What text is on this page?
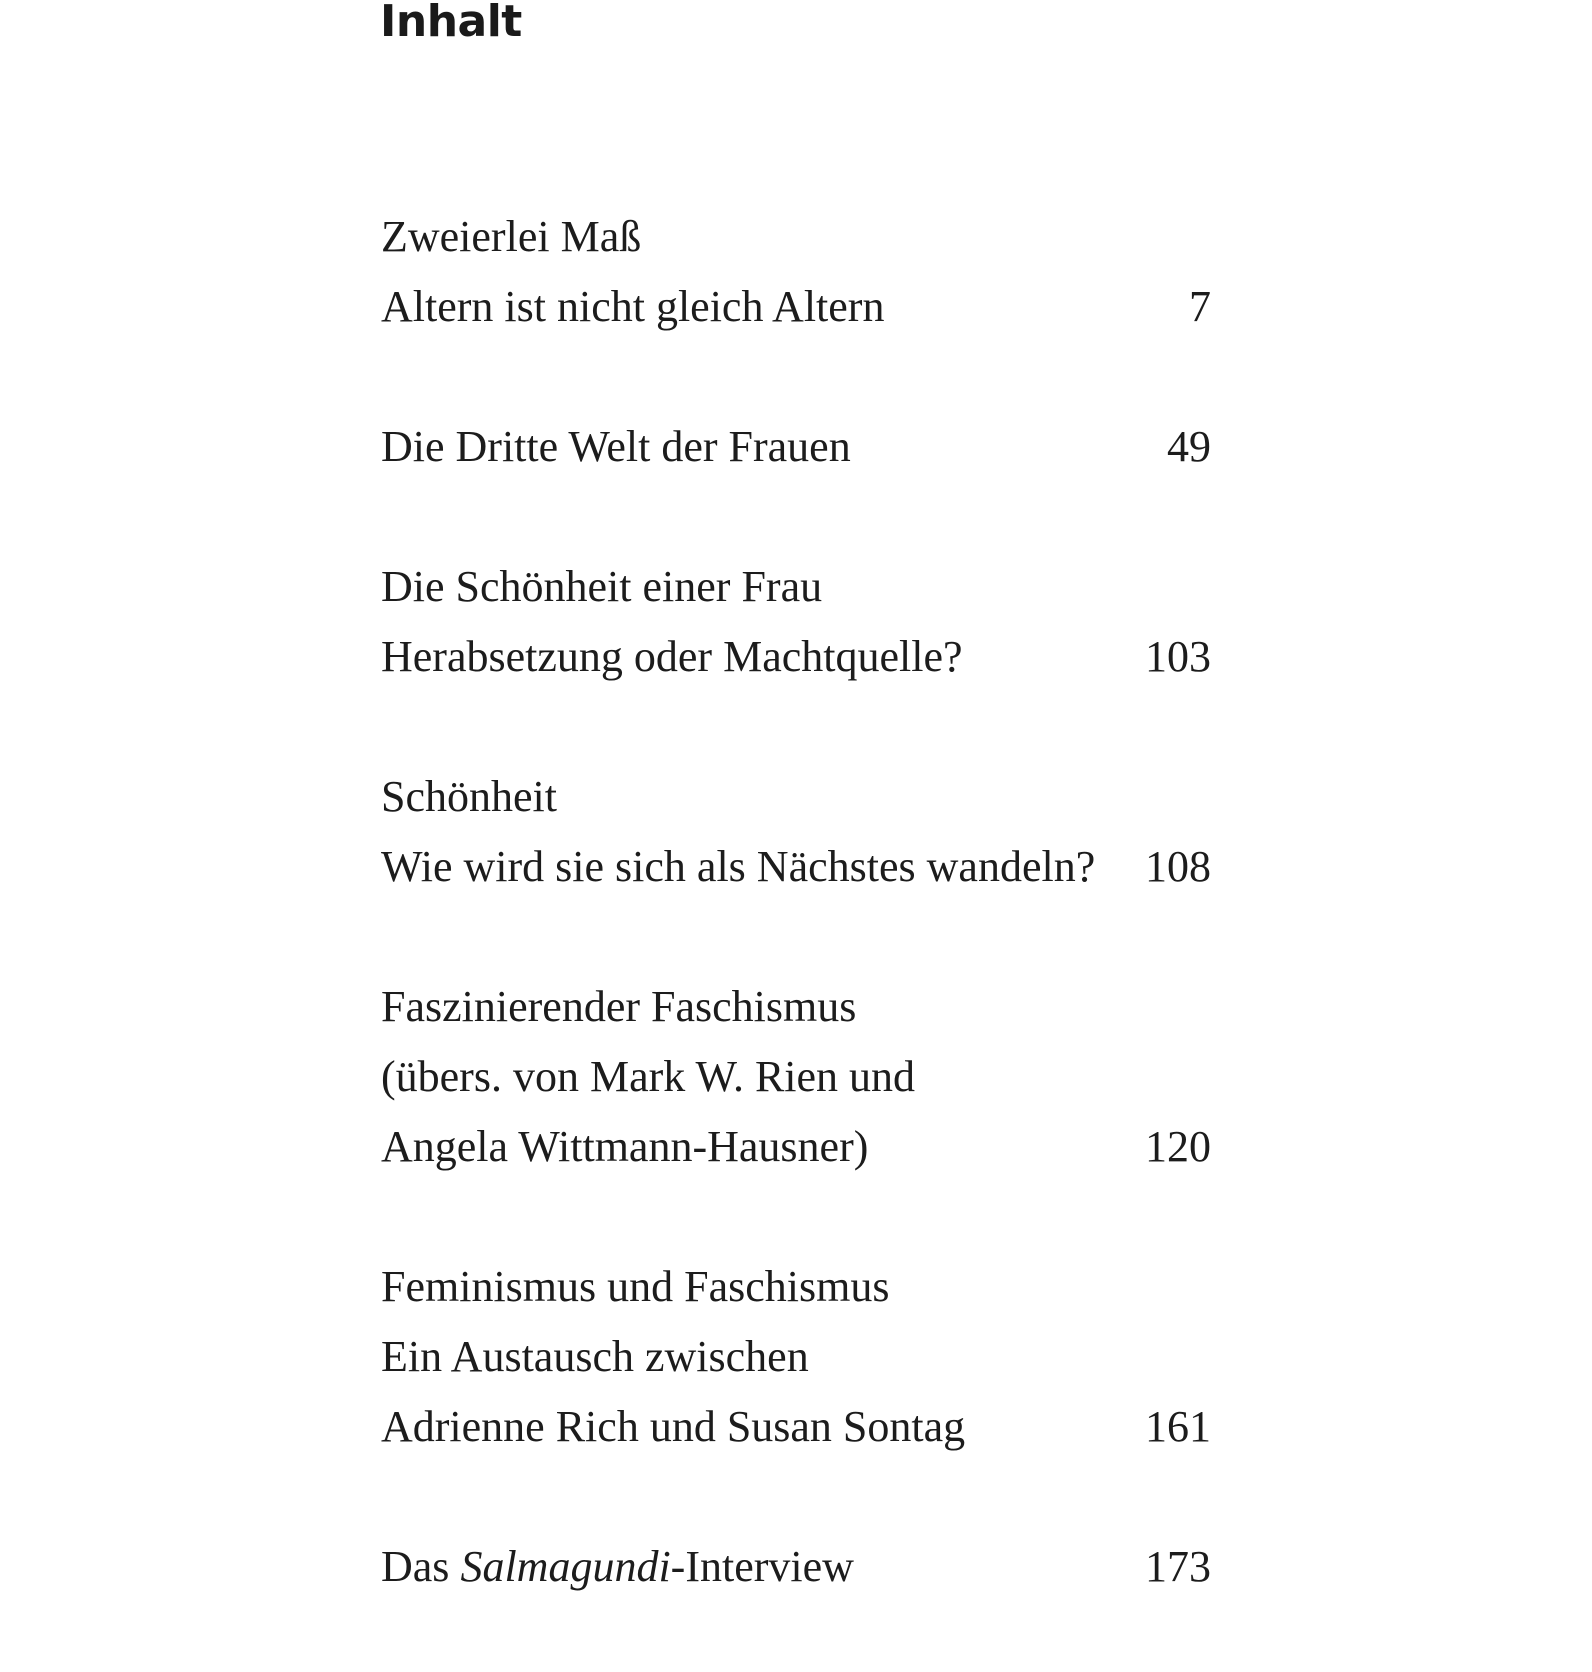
Inhalt
Zweierlei Maß
Altern ist nicht gleich Altern	7
Die Dritte Welt der Frauen	49
Die Schönheit einer Frau
Herabsetzung oder Machtquelle?	103
Schönheit
Wie wird sie sich als Nächstes wandeln?	108
Faszinierender Faschismus
(übers. von Mark W. Rien und
Angela Wittmann-Hausner)	120
Feminismus und Faschismus
Ein Austausch zwischen
Adrienne Rich und Susan Sontag	161
Das Salmagundi-Interview	173
